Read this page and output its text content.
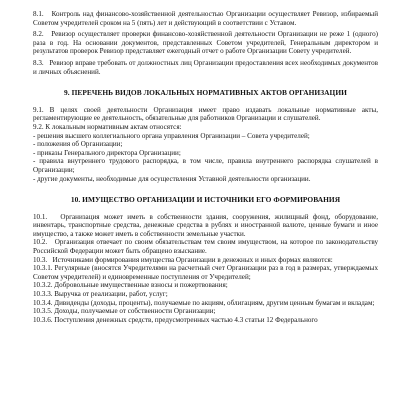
8.1.   Контроль над финансово-хозяйственной деятельностью Организации осуществляет Ревизор, избираемый Советом учредителей сроком на 5 (пять) лет и действующий в соответствии с Уставом.

8.2.   Ревизор осуществляет проверки финансово-хозяйственной деятельности Организации не реже 1 (одного) раза в год. На основании документов, представленных Советом учредителей, Генеральным директором и результатов проверок Ревизор представляет ежегодный отчет о работе Организации Совету учредителей.

8.3.   Ревизор вправе требовать от должностных лиц Организации предоставления всех необходимых документов и личных объяснений.

9. ПЕРЕЧЕНЬ ВИДОВ ЛОКАЛЬНЫХ НОРМАТИВНЫХ АКТОВ ОРГАНИЗАЦИИ

9.1. В целях своей деятельности Организация имеет право издавать локальные нормативные акты, регламентирующие ее деятельность, обязательные для работников Организации и слушателей.

9.2. К локальным нормативным актам относятся:

- решения высшего коллегиального органа управления Организации – Совета учредителей;

- положения об Организации;

- приказы Генерального директора Организации;

- правила внутреннего трудового распорядка, в том числе, правила внутреннего распорядка слушателей в Организации;

- другие документы, необходимые для осуществления Уставной деятельности организации.

10. ИМУЩЕСТВО ОРГАНИЗАЦИИ И ИСТОЧНИКИ ЕГО ФОРМИРОВАНИЯ

10.1.   Организация может иметь в собственности здания, сооружения, жилищный фонд, оборудование, инвентарь, транспортные средства, денежные средства в рублях и иностранной валюте, ценные бумаги и иное имущество, а также может иметь в собственности земельные участки.

10.2.   Организация отвечает по своим обязательствам тем своим имуществом, на которое по законодательству Российской Федерации может быть обращено взыскание.

10.3.   Источниками формирования имущества Организации в денежных и иных формах являются:

10.3.1. Регулярные (вносятся Учредителями на расчетный счет Организации раз в год в размерах, утверждаемых Советом учредителей) и единовременные поступления от Учредителей;

10.3.2. Добровольные имущественные взносы и пожертвования;

10.3.3. Выручка от реализации, работ, услуг;

10.3.4. Дивиденды (доходы, проценты), получаемые по акциям, облигациям, другим ценным бумагам и вкладам;

10.3.5. Доходы, получаемые от собственности Организации;

10.3.6. Поступления денежных средств, предусмотренных частью 4.3 статьи 12 Федерального
